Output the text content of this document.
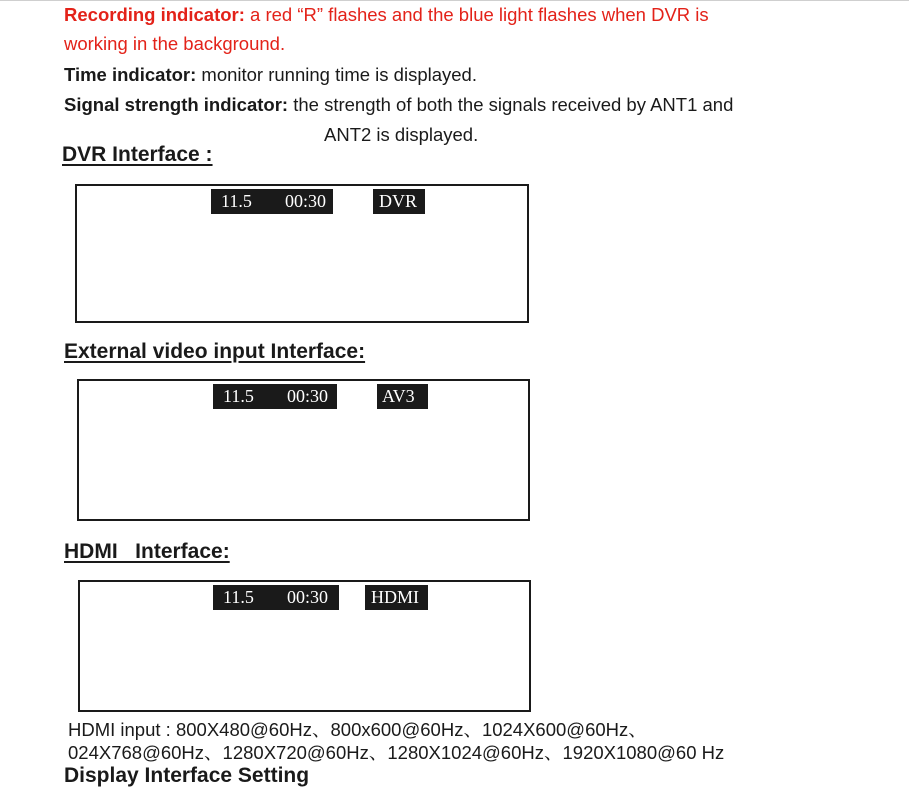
Recording indicator: a red “R” flashes and the blue light flashes when DVR is

working in the background.

Time indicator: monitor running time is displayed.

Signal strength indicator: the strength of both the signals received by ANT1 and

ANT2 is displayed.

DVR Interface :
11.5 00:30	DVR
External video input Interface:
11.5 00:30	AV3
HDMI   Interface:
11.5 00:30 HDMI
HDMI input : 800X480@60Hz、800x600@60Hz、1024X600@60Hz、
024X768@60Hz、1280X720@60Hz、1280X1024@60Hz、1920X1080@60 Hz
Display Interface Setting
